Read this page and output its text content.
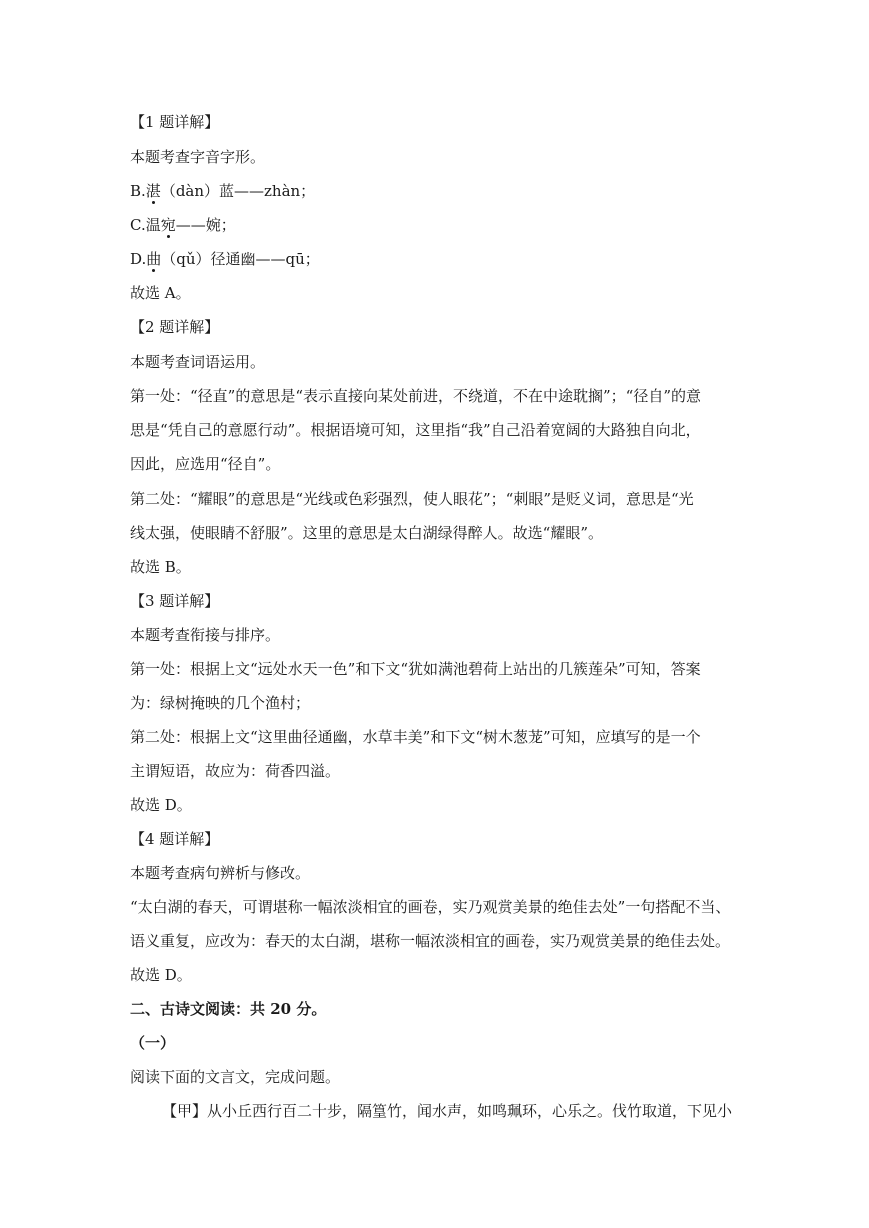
【1 题详解】
本题考查字音字形。
B.湛（dàn）蓝——zhàn；
C.温宛——婉；
D.曲（qǔ）径通幽——qū；
故选 A。
【2 题详解】
本题考查词语运用。
第一处：“径直”的意思是“表示直接向某处前进，不绕道，不在中途耽搁”；“径自”的意
思是“凭自己的意愿行动”。根据语境可知，这里指“我”自己沿着宽阔的大路独自向北，
因此，应选用“径自”。
第二处：“耀眼”的意思是“光线或色彩强烈，使人眼花”；“刺眼”是贬义词，意思是“光
线太强，使眼睛不舒服”。这里的意思是太白湖绿得醉人。故选“耀眼”。
故选 B。
【3 题详解】
本题考查衔接与排序。
第一处：根据上文“远处水天一色”和下文“犹如满池碧荷上站出的几簇莲朵”可知，答案
为：绿树掩映的几个渔村；
第二处：根据上文“这里曲径通幽，水草丰美”和下文“树木葱茏”可知，应填写的是一个
主谓短语，故应为：荷香四溢。
故选 D。
【4 题详解】
本题考查病句辨析与修改。
“太白湖的春天，可谓堪称一幅浓淡相宜的画卷，实乃观赏美景的绝佳去处”一句搭配不当、
语义重复，应改为：春天的太白湖，堪称一幅浓淡相宜的画卷，实乃观赏美景的绝佳去处。
故选 D。
二、古诗文阅读：共 20 分。
（一）
阅读下面的文言文，完成问题。
【甲】从小丘西行百二十步，隔篁竹，闻水声，如鸣珮环，心乐之。伐竹取道，下见小
